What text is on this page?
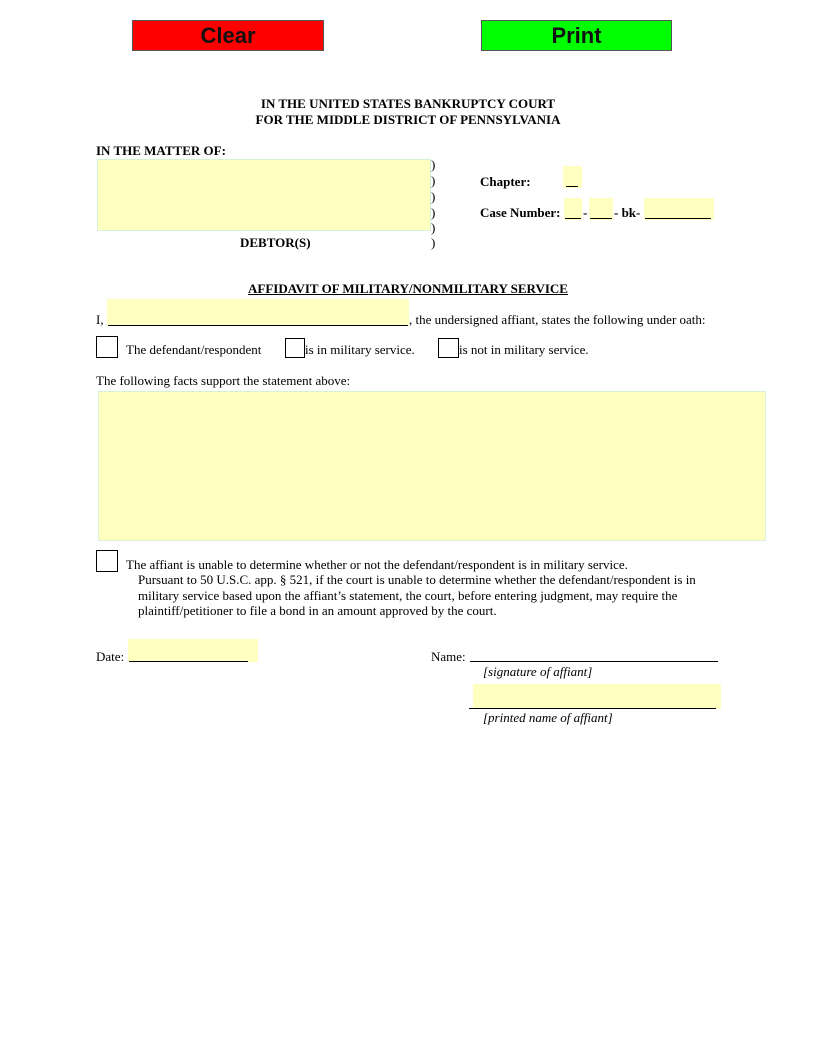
Clear	Print
IN THE UNITED STATES BANKRUPTCY COURT
FOR THE MIDDLE DISTRICT OF PENNSYLVANIA
IN THE MATTER OF:
)
)
)
)
)
)
DEBTOR(S)
Chapter:
Case Number: - - bk-
AFFIDAVIT OF MILITARY/NONMILITARY SERVICE
I,	, the undersigned affiant, states the following under oath:
The defendant/respondent	is in military service.	is not in military service.
The following facts support the statement above:
The affiant is unable to determine whether or not the defendant/respondent is in military service.
Pursuant to 50 U.S.C. app. § 521, if the court is unable to determine whether the defendant/respondent is in
military service based upon the affiant’s statement, the court, before entering judgment, may require the
plaintiff/petitioner to file a bond in an amount approved by the court.
Date:	Name:
[signature of affiant]
[printed name of affiant]
